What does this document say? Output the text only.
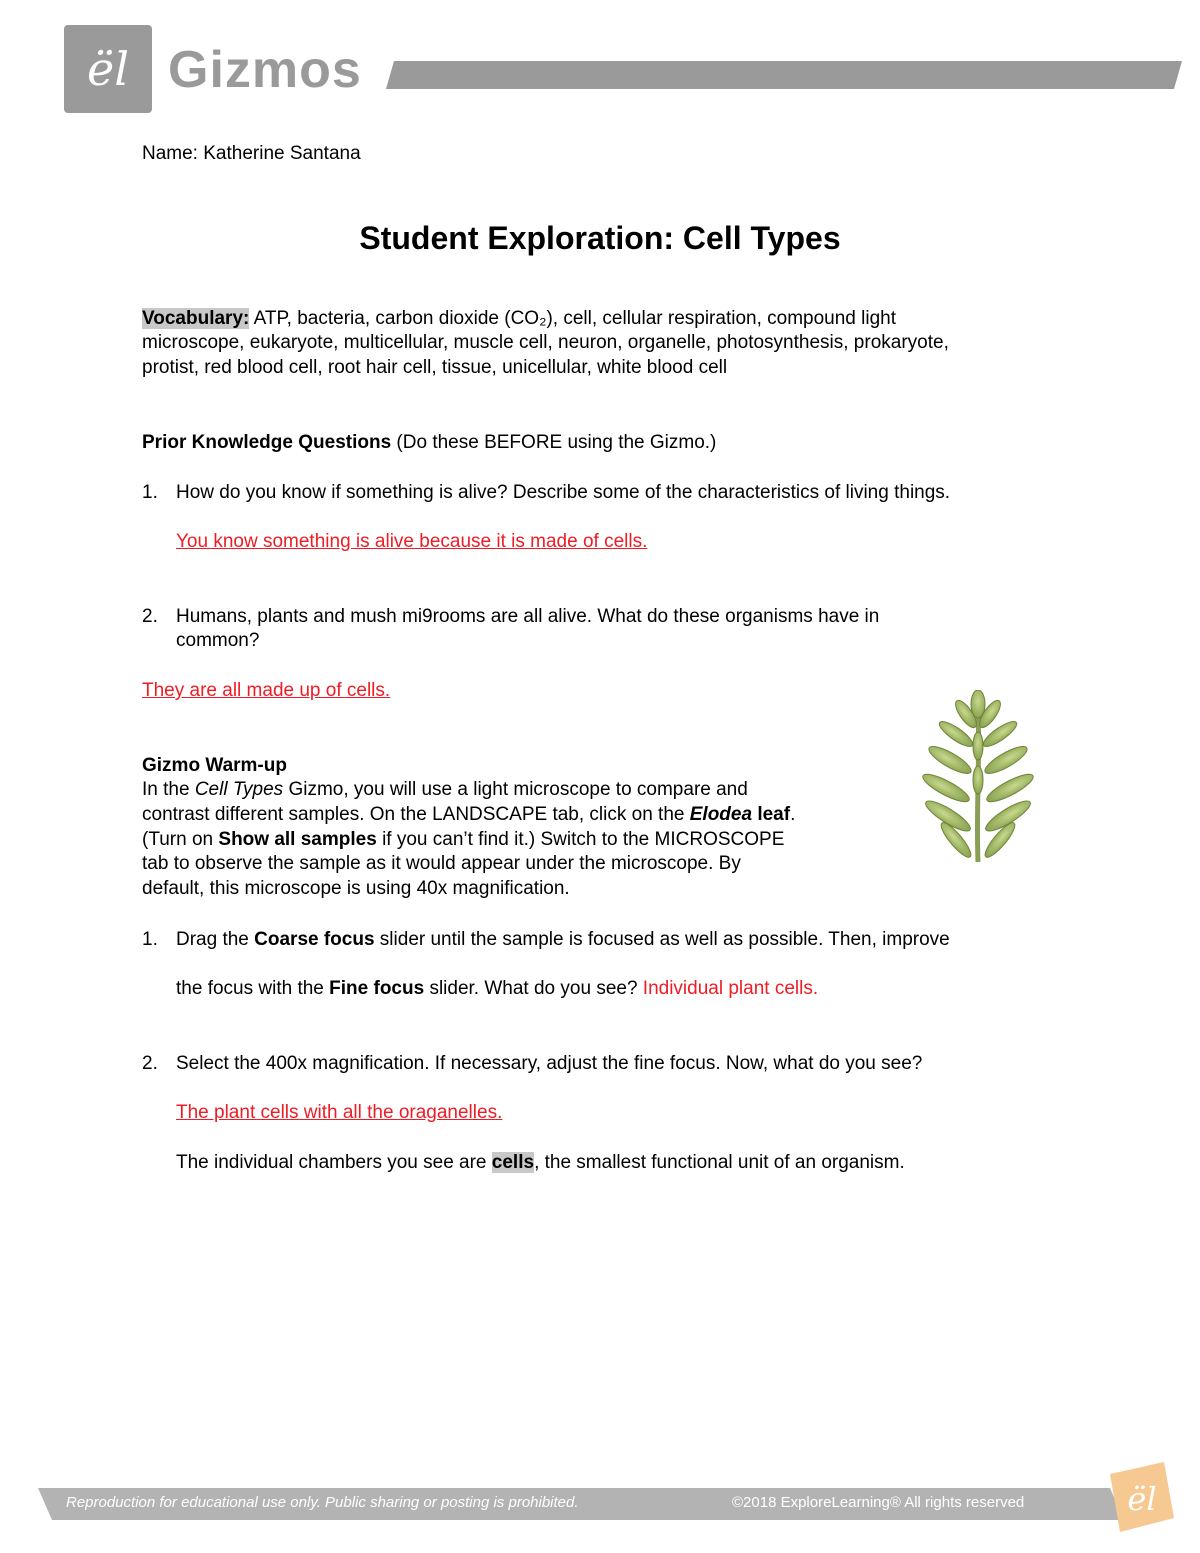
ël Gizmos
Name: Katherine Santana
Student Exploration: Cell Types
Vocabulary: ATP, bacteria, carbon dioxide (CO₂), cell, cellular respiration, compound light
microscope, eukaryote, multicellular, muscle cell, neuron, organelle, photosynthesis, prokaryote,
protist, red blood cell, root hair cell, tissue, unicellular, white blood cell
Prior Knowledge Questions (Do these BEFORE using the Gizmo.)
1. How do you know if something is alive? Describe some of the characteristics of living things.
You know something is alive because it is made of cells.
2. Humans, plants and mush mi9rooms are all alive. What do these organisms have in
common?
They are all made up of cells.
Gizmo Warm-up
In the Cell Types Gizmo, you will use a light microscope to compare and
contrast different samples. On the LANDSCAPE tab, click on the Elodea leaf.
(Turn on Show all samples if you can’t find it.) Switch to the MICROSCOPE
tab to observe the sample as it would appear under the microscope. By
default, this microscope is using 40x magnification.
1. Drag the Coarse focus slider until the sample is focused as well as possible. Then, improve
the focus with the Fine focus slider. What do you see? Individual plant cells.
2. Select the 400x magnification. If necessary, adjust the fine focus. Now, what do you see?
The plant cells with all the oraganelles.
The individual chambers you see are cells, the smallest functional unit of an organism.
Reproduction for educational use only. Public sharing or posting is prohibited.	©2018 ExploreLearning® All rights reserved	ël
